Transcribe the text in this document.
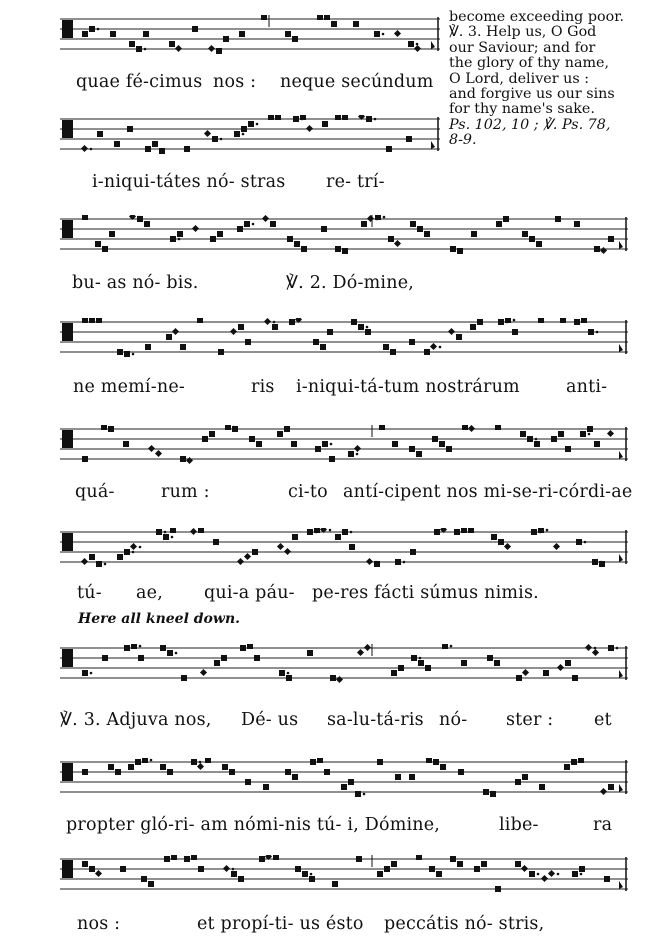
become exceeding poor.
℣. 3. Help us, O God
our Saviour; and for
the glory of thy name,
O Lord, deliver us :
and forgive us our sins
for thy name's sake.
Ps. 102, 10 ; ℣. Ps. 78,
8-9.
quae fé-cimus nos : neque secúndum
i-niqui-tátes nó- stras re- trí-
bu- as nó- bis.	℣. 2. Dó-mine,
ne memí-ne-	ris i-niqui-tá-tum nostrárum	anti-
quá-	rum :	ci-to antí-cipent nos mi-se-ri-córdi-ae
tú- ae, qui-a páu- pe-res fácti súmus nimis.
Here all kneel down.
℣. 3. Adjuva nos, Dé- us sa-lu-tá-ris nó- ster : et
propter gló-ri- am nómi-nis tú- i, Dómine,	libe-	ra
nos :	et propí-ti- us ésto peccátis nó- stris,
